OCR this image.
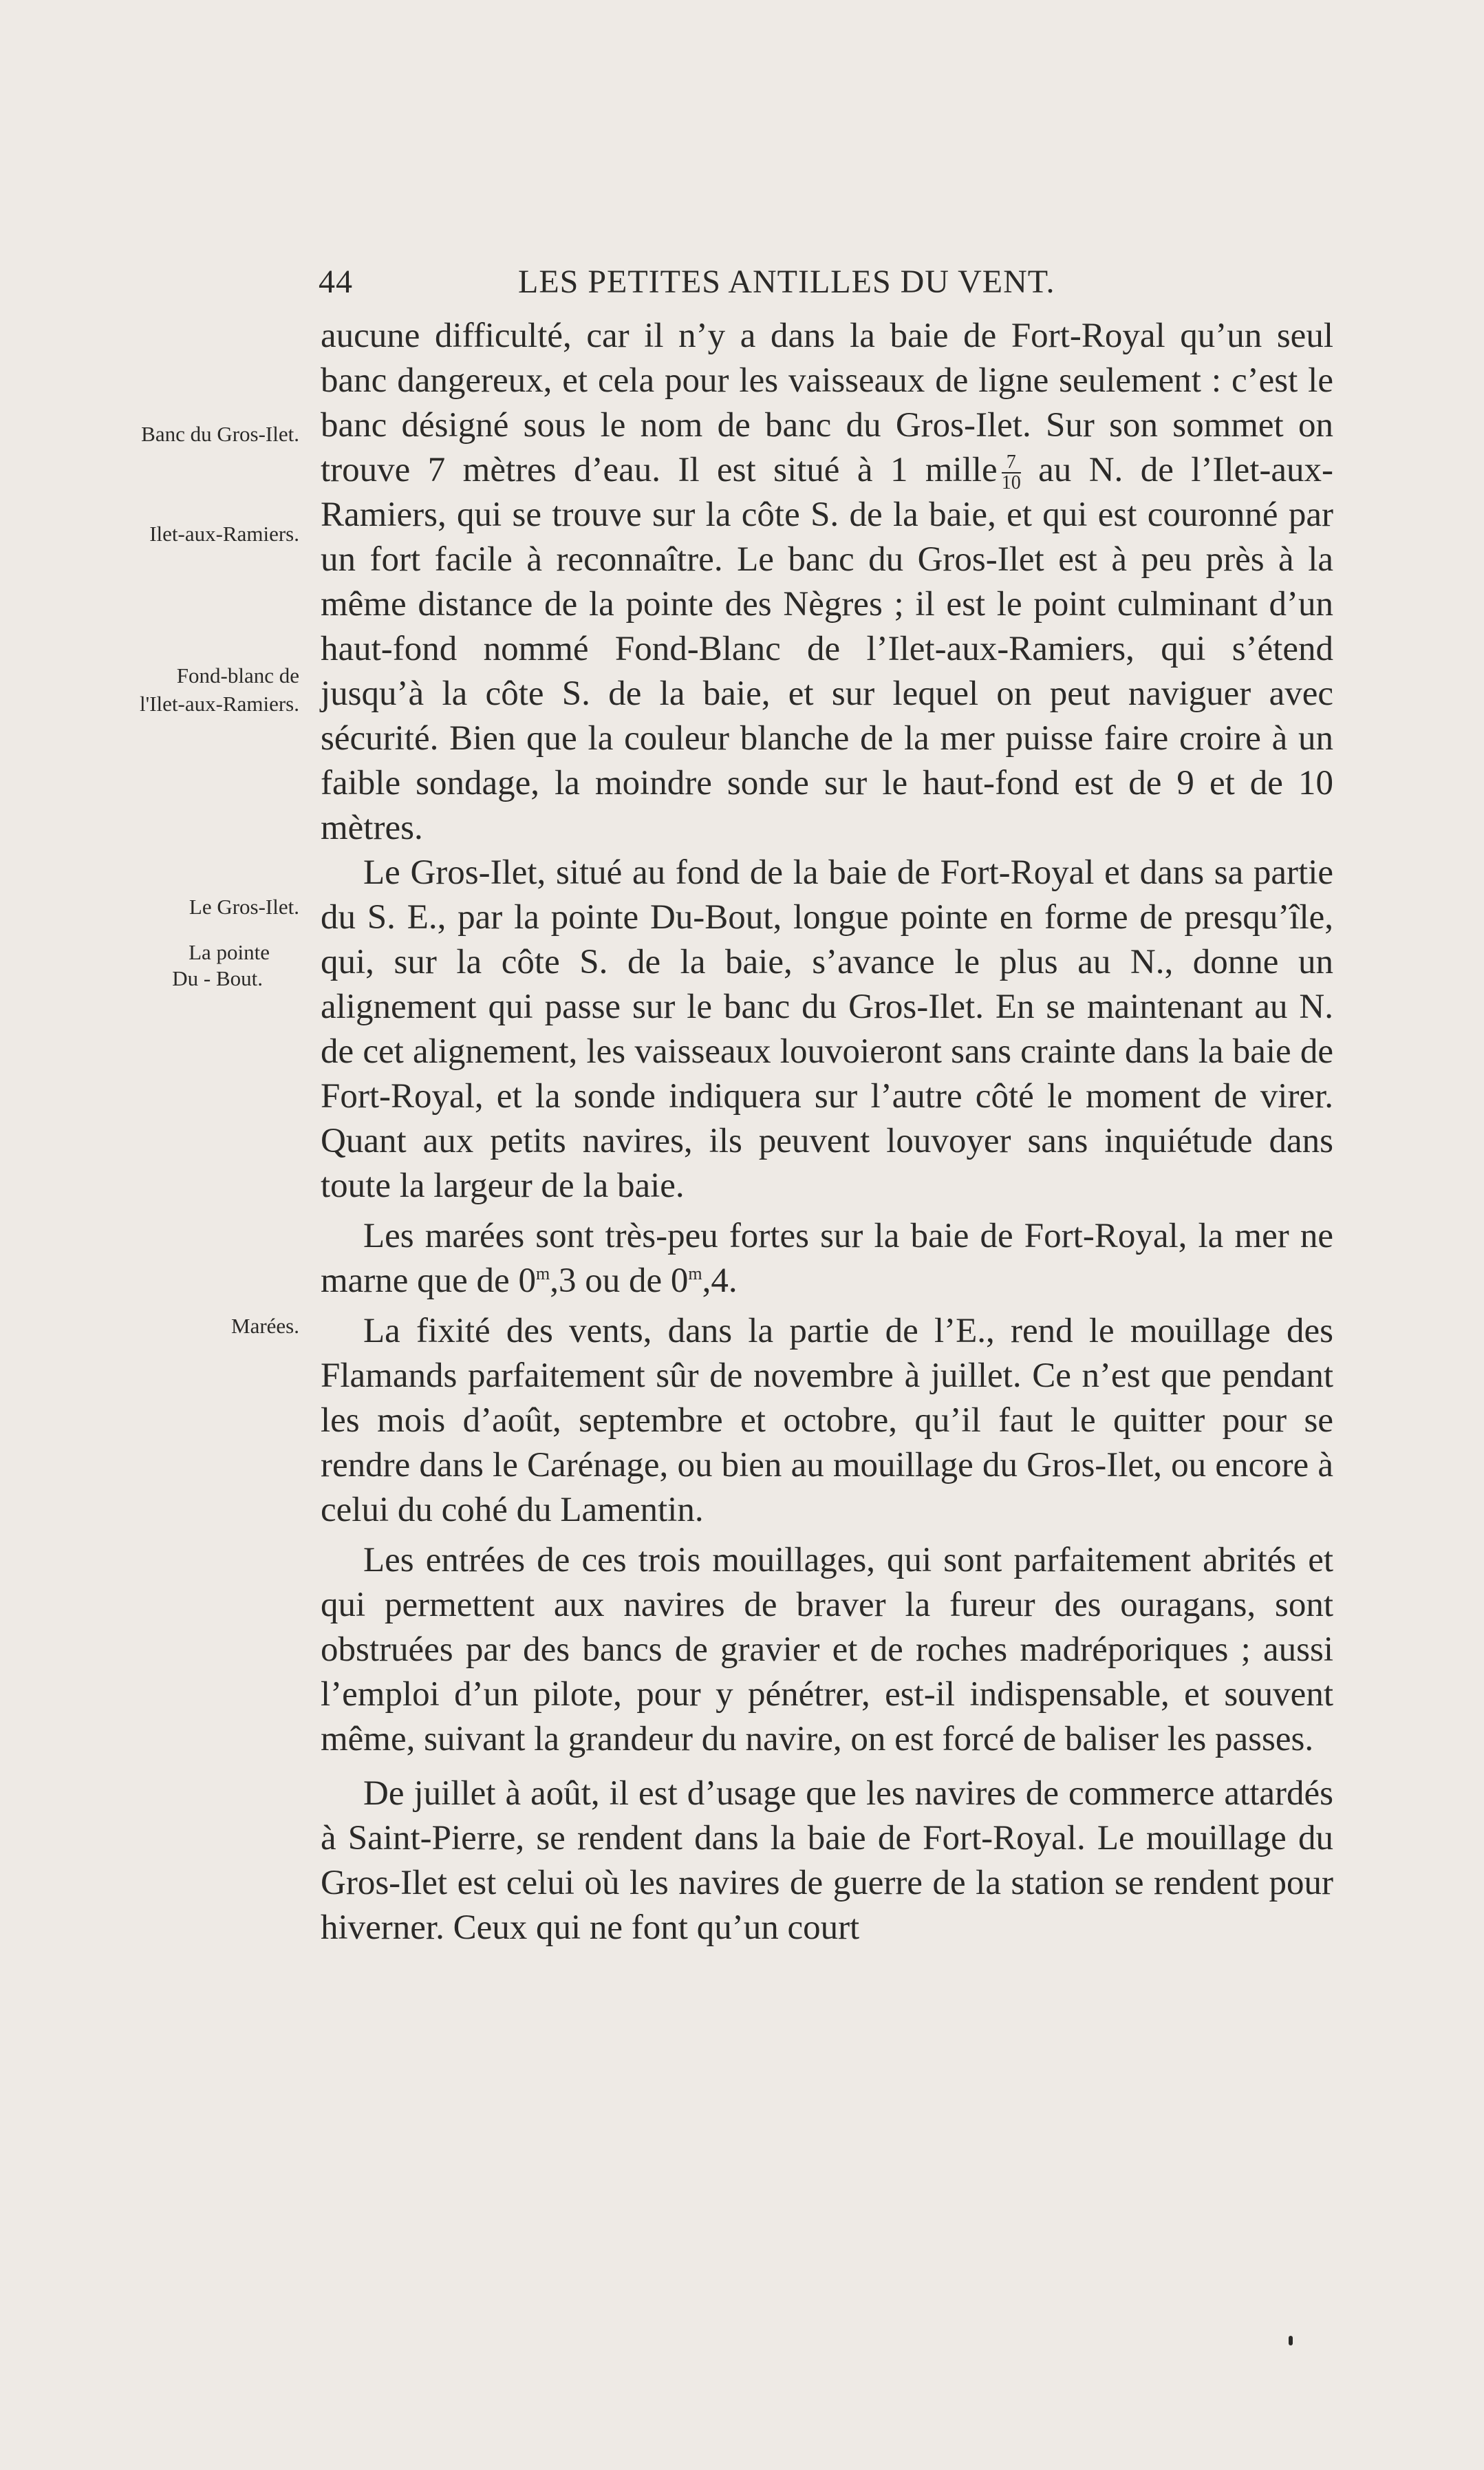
44	LES PETITES ANTILLES DU VENT.
Banc du Gros-Ilet.
Ilet-aux-Ramiers.
Fond-blanc de
l'Ilet-aux-Ramiers.
Le Gros-Ilet.
La pointe
Du - Bout.
Marées.

aucune difficulté, car il n’y a dans la baie de Fort-Royal qu’un seul banc dangereux, et cela pour les vaisseaux de ligne seulement : c’est le banc désigné sous le nom de banc du Gros-Ilet. Sur son sommet on trouve 7 mètres d’eau. Il est situé à 1 mille $\frac{7}{10}$ au N. de l’Ilet-aux-Ramiers, qui se trouve sur la côte S. de la baie, et qui est couronné par un fort facile à reconnaître. Le banc du Gros-Ilet est à peu près à la même distance de la pointe des Nègres ; il est le point culminant d’un haut-fond nommé Fond-Blanc de l’Ilet-aux-Ramiers, qui s’étend jusqu’à la côte S. de la baie, et sur lequel on peut naviguer avec sécurité. Bien que la couleur blanche de la mer puisse faire croire à un faible sondage, la moindre sonde sur le haut-fond est de 9 et de 10 mètres.

Le Gros-Ilet, situé au fond de la baie de Fort-Royal et dans sa partie du S. E., par la pointe Du-Bout, longue pointe en forme de presqu’île, qui, sur la côte S. de la baie, s’avance le plus au N., donne un alignement qui passe sur le banc du Gros-Ilet. En se maintenant au N. de cet alignement, les vaisseaux louvoieront sans crainte dans la baie de Fort-Royal, et la sonde indiquera sur l’autre côté le moment de virer. Quant aux petits navires, ils peuvent louvoyer sans inquiétude dans toute la largeur de la baie.

Les marées sont très-peu fortes sur la baie de Fort-Royal, la mer ne marne que de 0$^m$,3 ou de 0$^m$,4.

La fixité des vents, dans la partie de l’E., rend le mouillage des Flamands parfaitement sûr de novembre à juillet. Ce n’est que pendant les mois d’août, septembre et octobre, qu’il faut le quitter pour se rendre dans le Carénage, ou bien au mouillage du Gros-Ilet, ou encore à celui du cohé du Lamentin.

Les entrées de ces trois mouillages, qui sont parfaitement abrités et qui permettent aux navires de braver la fureur des ouragans, sont obstruées par des bancs de gravier et de roches madréporiques ; aussi l’emploi d’un pilote, pour y pénétrer, est-il indispensable, et souvent même, suivant la grandeur du navire, on est forcé de baliser les passes.

De juillet à août, il est d’usage que les navires de commerce attardés à Saint-Pierre, se rendent dans la baie de Fort-Royal. Le mouillage du Gros-Ilet est celui où les navires de guerre de la station se rendent pour hiverner. Ceux qui ne font qu’un court
